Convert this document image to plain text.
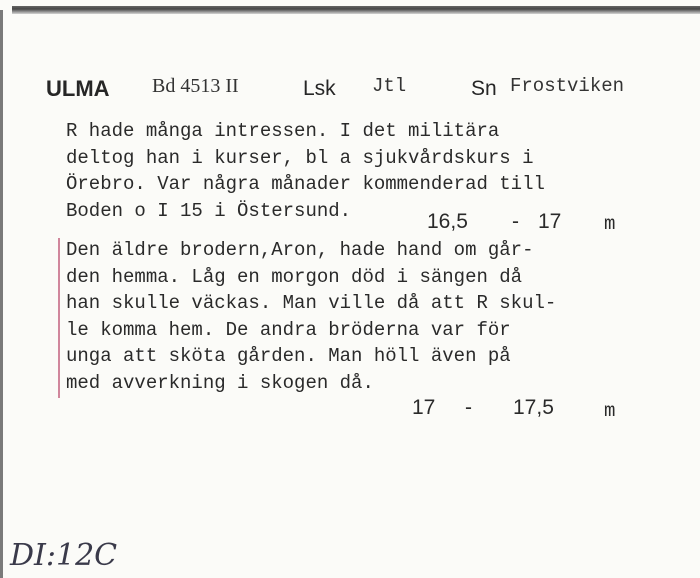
ULMA Bd 4513 II	Lsk Jtl	Sn Frostviken
R hade många intressen. I det militära
deltog han i kurser, bl a sjukvårdskurs i
Örebro. Var några månader kommenderad till
Boden o I 15 i Östersund.	16,5 - 17 m
Den äldre brodern,Aron, hade hand om går-
den hemma. Låg en morgon död i sängen då
han skulle väckas. Man ville då att R skul-
le komma hem. De andra bröderna var för
unga att sköta gården. Man höll även på
med avverkning i skogen då.
17 - 17,5	m
DI:12C
